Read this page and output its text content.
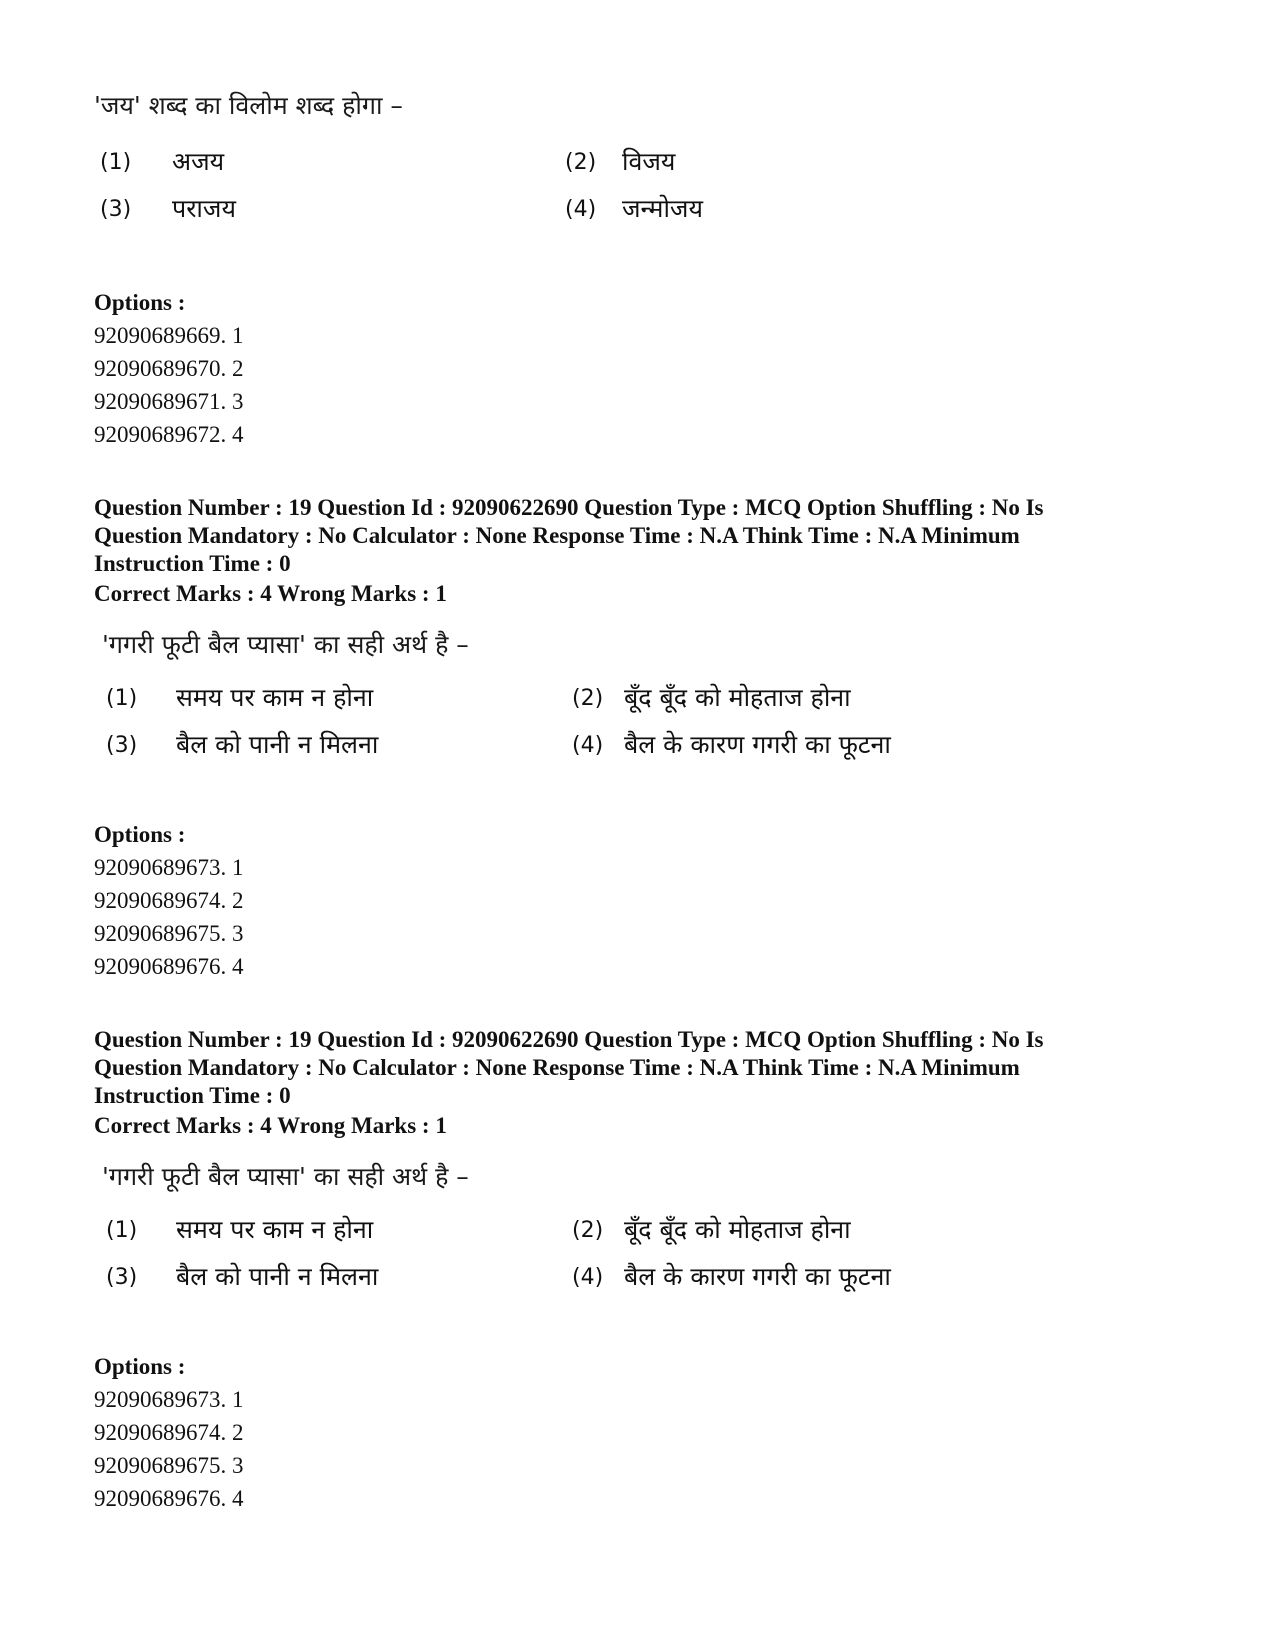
'जय' शब्द का विलोम शब्द होगा –
(1) अजय	(2) विजय
(3) पराजय	(4) जन्मोजय
Options :
92090689669. 1
92090689670. 2
92090689671. 3
92090689672. 4
Question Number : 19 Question Id : 92090622690 Question Type : MCQ Option Shuffling : No Is
Question Mandatory : No Calculator : None Response Time : N.A Think Time : N.A Minimum
Instruction Time : 0
Correct Marks : 4 Wrong Marks : 1
'गगरी फूटी बैल प्यासा' का सही अर्थ है –
(1) समय पर काम न होना	(2) बूँद बूँद को मोहताज होना
(3) बैल को पानी न मिलना	(4) बैल के कारण गगरी का फूटना
Options :
92090689673. 1
92090689674. 2
92090689675. 3
92090689676. 4
Question Number : 19 Question Id : 92090622690 Question Type : MCQ Option Shuffling : No Is
Question Mandatory : No Calculator : None Response Time : N.A Think Time : N.A Minimum
Instruction Time : 0
Correct Marks : 4 Wrong Marks : 1
'गगरी फूटी बैल प्यासा' का सही अर्थ है –
(1) समय पर काम न होना	(2) बूँद बूँद को मोहताज होना
(3) बैल को पानी न मिलना	(4) बैल के कारण गगरी का फूटना
Options :
92090689673. 1
92090689674. 2
92090689675. 3
92090689676. 4
